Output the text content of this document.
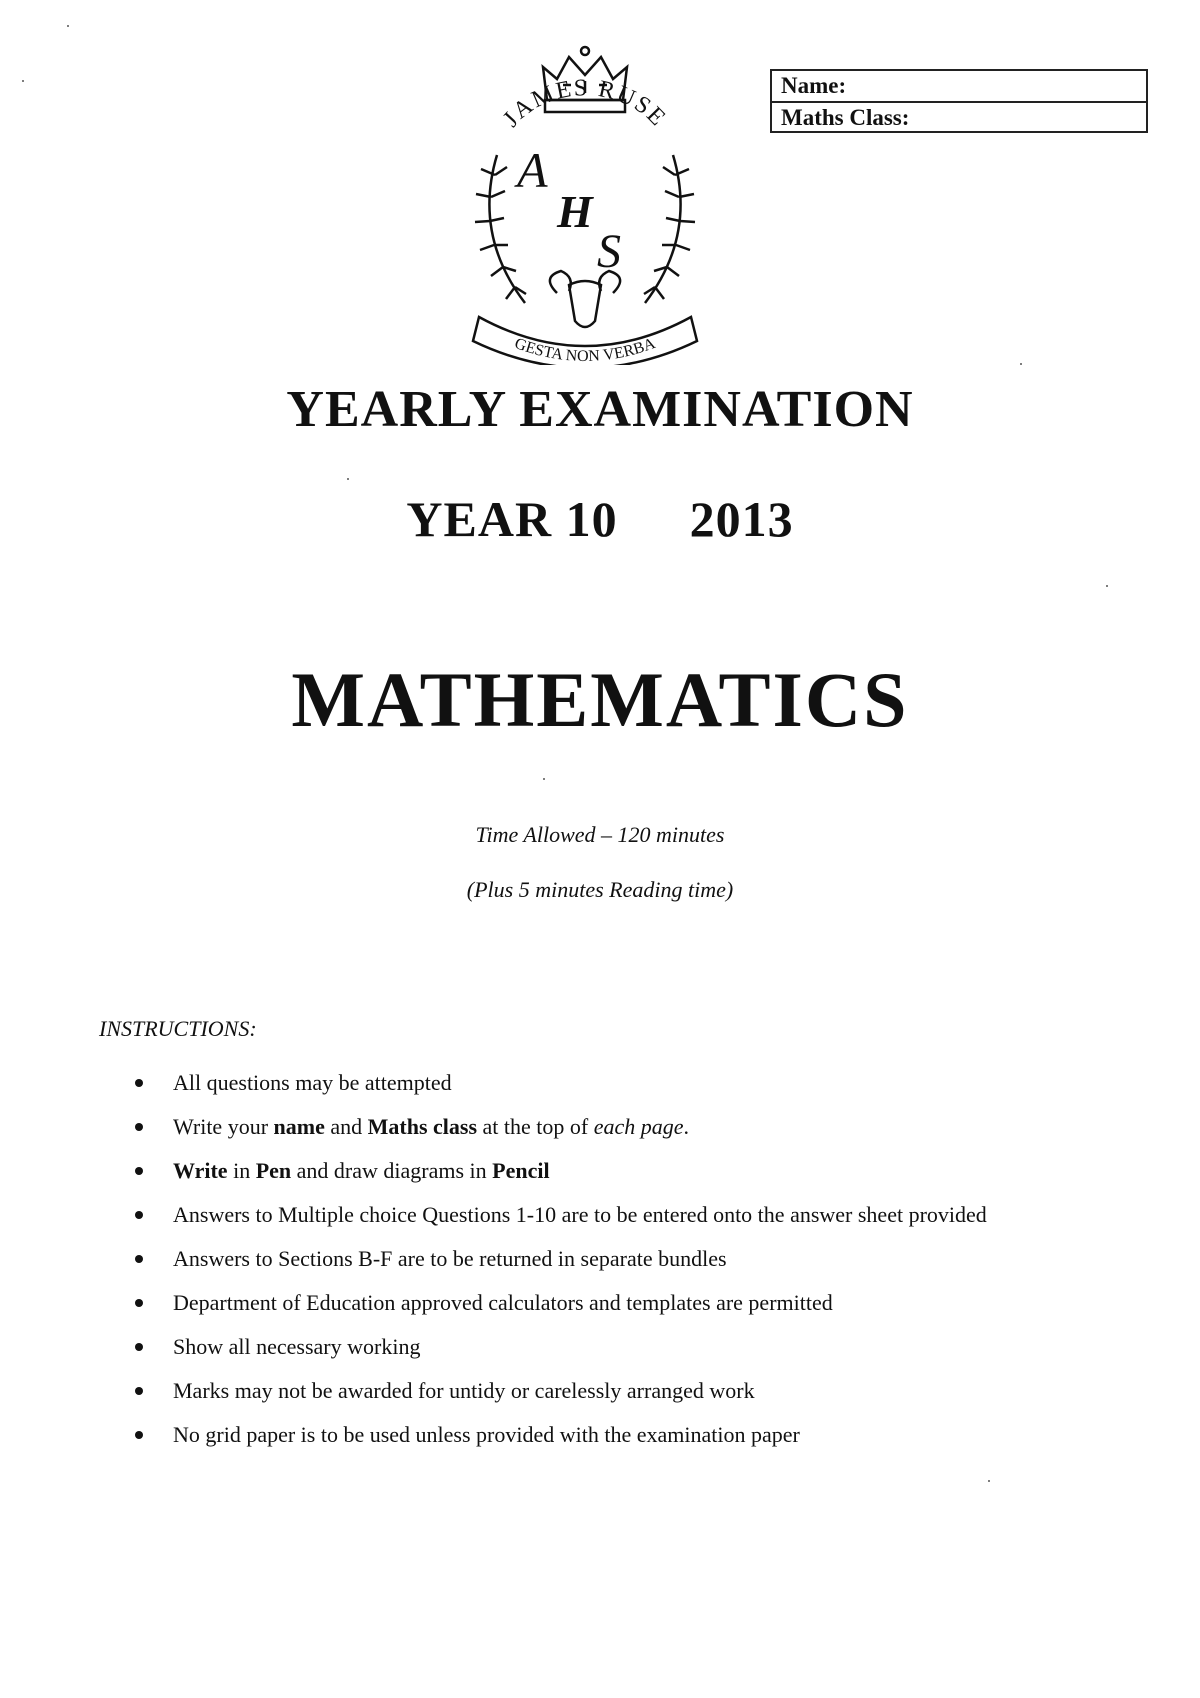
JAMES RUSE
A
H
S
GESTA NON VERBA
Name:
Maths Class:
YEARLY EXAMINATION
YEAR 10 2013
MATHEMATICS
Time Allowed – 120 minutes
(Plus 5 minutes Reading time)
INSTRUCTIONS:
All questions may be attempted
Write your name and Maths class at the top of each page.
Write in Pen and draw diagrams in Pencil
Answers to Multiple choice Questions 1-10 are to be entered onto the answer sheet provided
Answers to Sections B-F are to be returned in separate bundles
Department of Education approved calculators and templates are permitted
Show all necessary working
Marks may not be awarded for untidy or carelessly arranged work
No grid paper is to be used unless provided with the examination paper
